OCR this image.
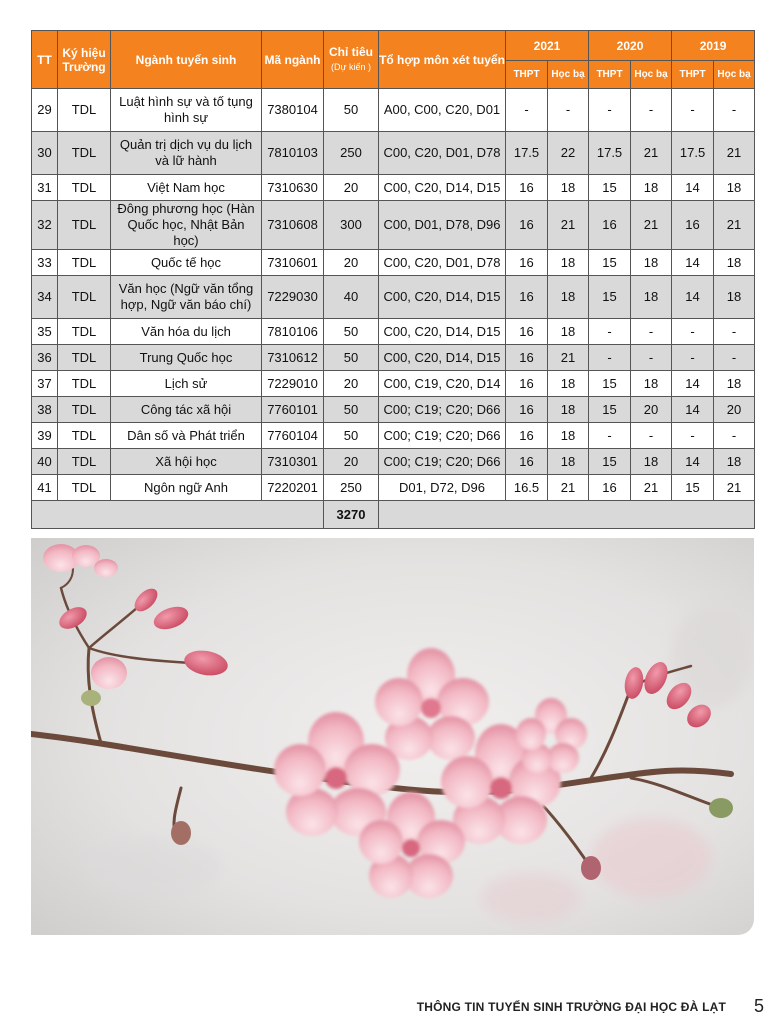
TT	Ký hiệu Trường	Ngành tuyển sinh	Mã ngành	Chỉ tiêu
(Dự kiến )	Tổ hợp môn xét tuyển	2021		2020		2019	
						THPT	Học bạ	THPT	Học bạ	THPT	Học bạ
29	TDL	Luật hình sự và tố tụng hình sự	7380104	50	A00, C00, C20, D01	-	-	-	-	-	-
30	TDL	Quản trị dịch vụ du lịch và lữ hành	7810103	250	C00, C20, D01, D78	17.5	22	17.5	21	17.5	21
31	TDL	Việt Nam học	7310630	20	C00, C20, D14, D15	16	18	15	18	14	18
32	TDL	Đông phương học (Hàn Quốc học, Nhật Bản học)	7310608	300	C00, D01, D78, D96	16	21	16	21	16	21
33	TDL	Quốc tế học	7310601	20	C00, C20, D01, D78	16	18	15	18	14	18
34	TDL	Văn học (Ngữ văn tổng hợp, Ngữ văn báo chí)	7229030	40	C00, C20, D14, D15	16	18	15	18	14	18
35	TDL	Văn hóa du lịch	7810106	50	C00, C20, D14, D15	16	18	-	-	-	-
36	TDL	Trung Quốc học	7310612	50	C00, C20, D14, D15	16	21	-	-	-	-
37	TDL	Lịch sử	7229010	20	C00, C19, C20, D14	16	18	15	18	14	18
38	TDL	Công tác xã hội	7760101	50	C00; C19; C20; D66	16	18	15	20	14	20
39	TDL	Dân số và Phát triển	7760104	50	C00; C19; C20; D66	16	18	-	-	-	-
40	TDL	Xã hội học	7310301	20	C00; C19; C20; D66	16	18	15	18	14	18
41	TDL	Ngôn ngữ Anh	7220201	250	D01, D72, D96	16.5	21	16	21	15	21
				3270							
THÔNG TIN TUYỂN SINH TRƯỜNG ĐẠI HỌC ĐÀ LẠT 5
